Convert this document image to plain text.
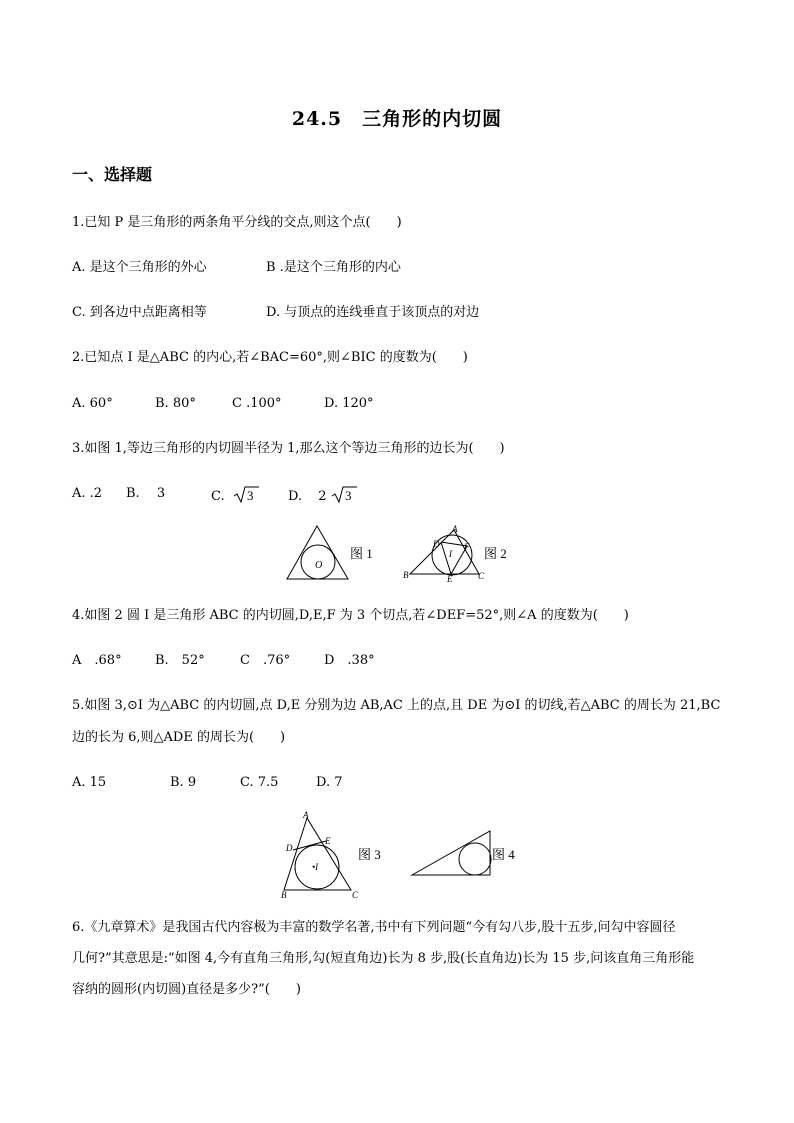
24.5　三角形的内切圆
一、选择题
1.已知 P 是三角形的两条角平分线的交点,则这个点(　　)
A. 是这个三角形的外心	B .是这个三角形的内心
C. 到各边中点距离相等	D. 与顶点的连线垂直于该顶点的对边
2.已知点 I 是△ABC 的内心,若∠BAC=60°,则∠BIC 的度数为(　　)
A. 60°	B. 80°	C .100°	D. 120°
3.如图 1,等边三角形的内切圆半径为 1,那么这个等边三角形的边长为(　　)
A. .2 B. 　3	C. 3	D. 2 3
O
图 1
A
B	C
D
E
F
I 图 2
4.如图 2 圆 I 是三角形 ABC 的内切圆,D,E,F 为 3 个切点,若∠DEF=52°,则∠A 的度数为(　　)
A　.68°	B.　52°	C　.76°	D　.38°
5.如图 3,⊙I 为△ABC 的内切圆,点 D,E 分别为边 AB,AC 上的点,且 DE 为⊙I 的切线,若△ABC 的周长为 21,BC
边的长为 6,则△ADE 的周长为(　　)
A. 15	B. 9	C. 7.5	D. 7
A
B	C
D
E
•I
图 3	图 4
6.《九章算术》是我国古代内容极为丰富的数学名著,书中有下列问题“今有勾八步,股十五步,问勾中容圆径
几何?”其意思是:“如图 4,今有直角三角形,勾(短直角边)长为 8 步,股(长直角边)长为 15 步,问该直角三角形能
容纳的圆形(内切圆)直径是多少?”(　　)
